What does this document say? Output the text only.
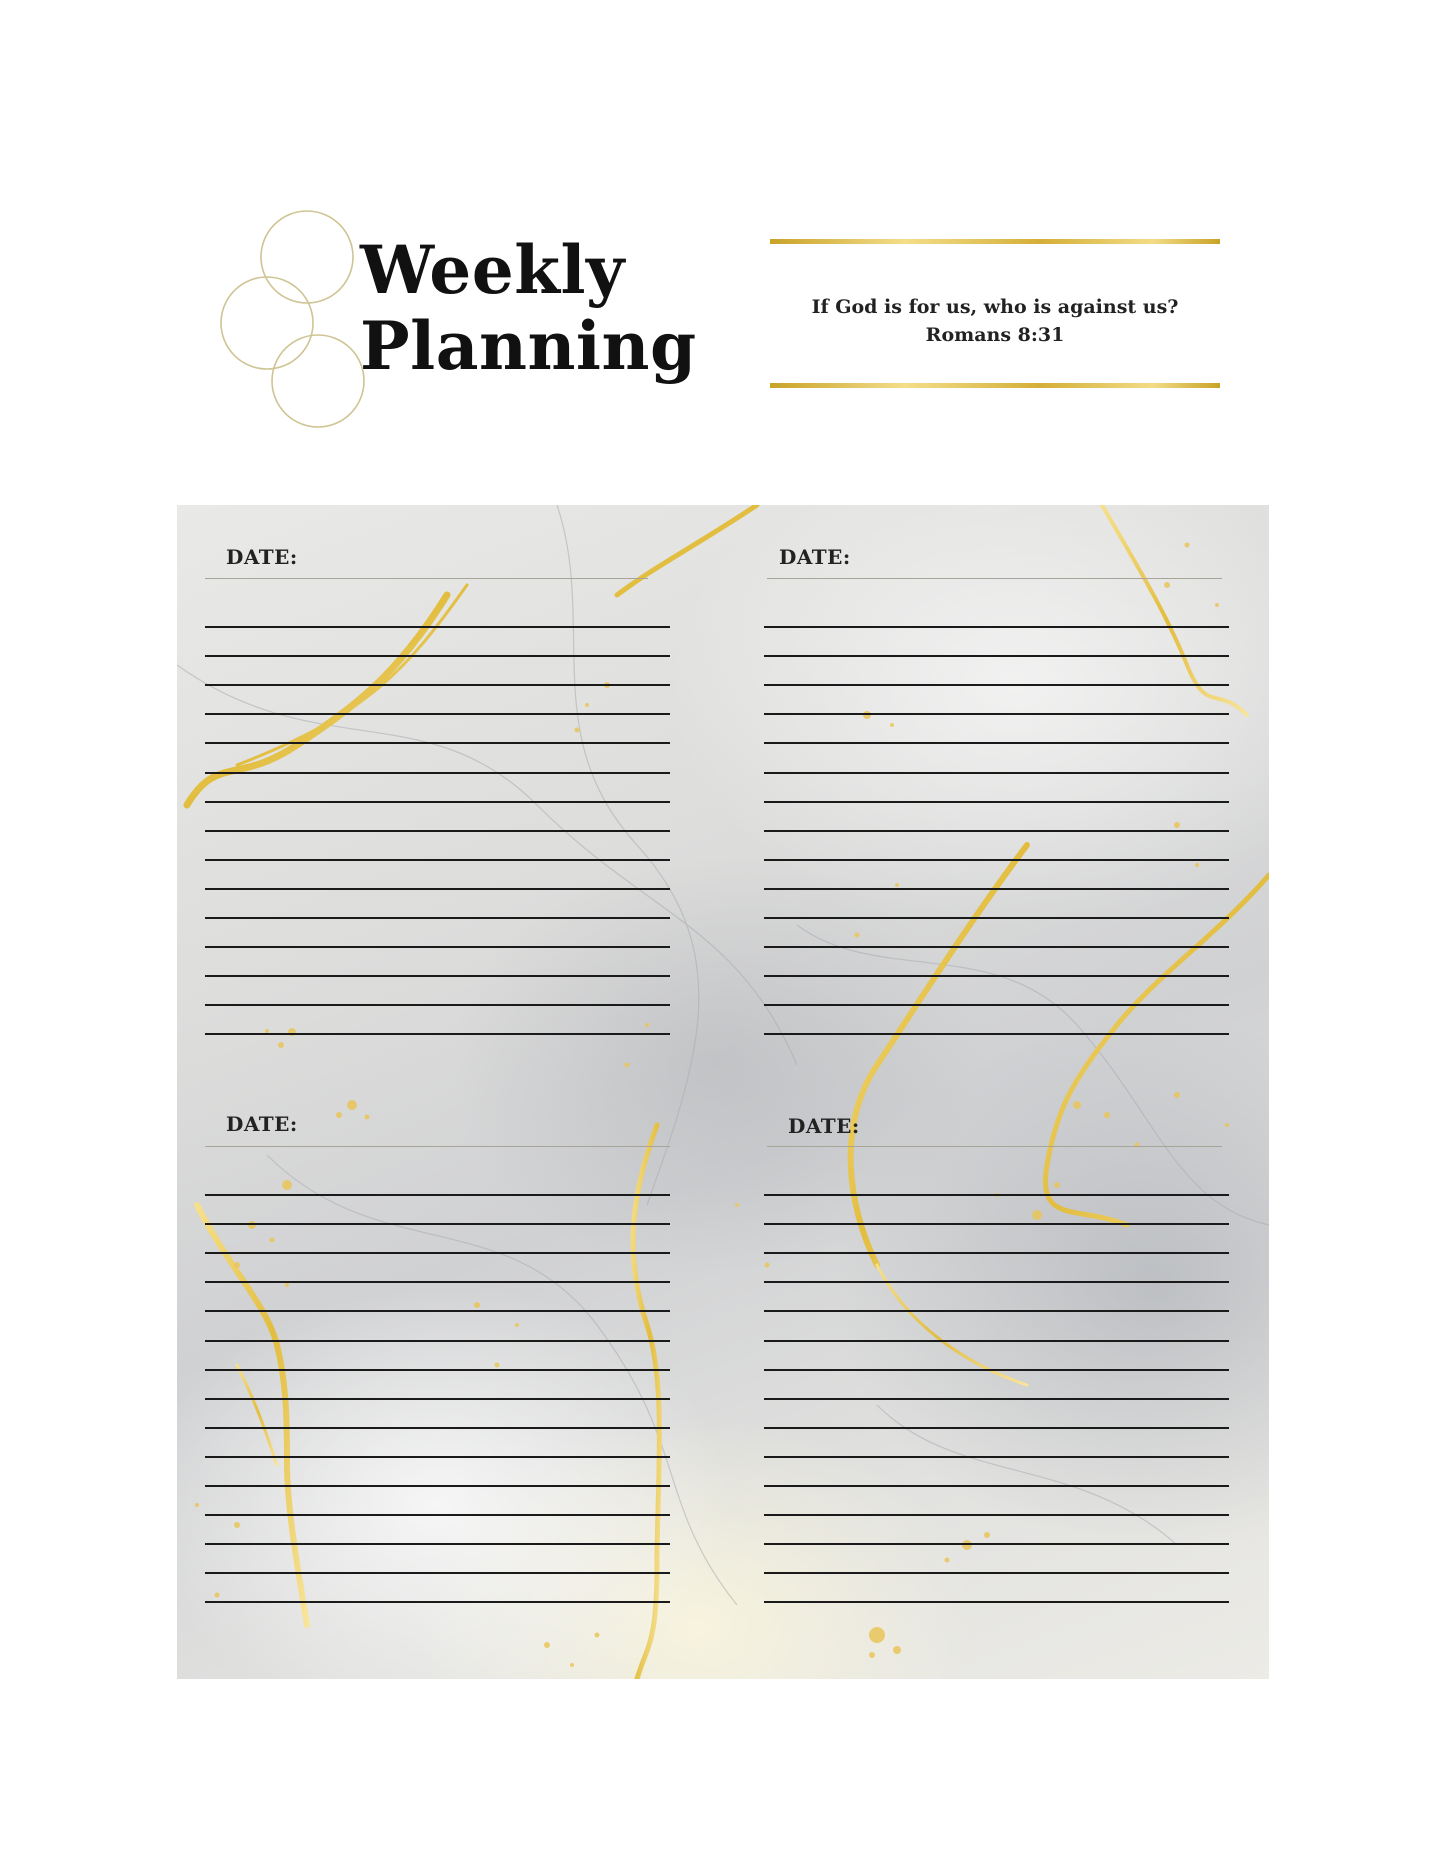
Weekly
Planning	If God is for us, who is against us?
Romans 8:31
DATE:	DATE:
DATE:	DATE:
